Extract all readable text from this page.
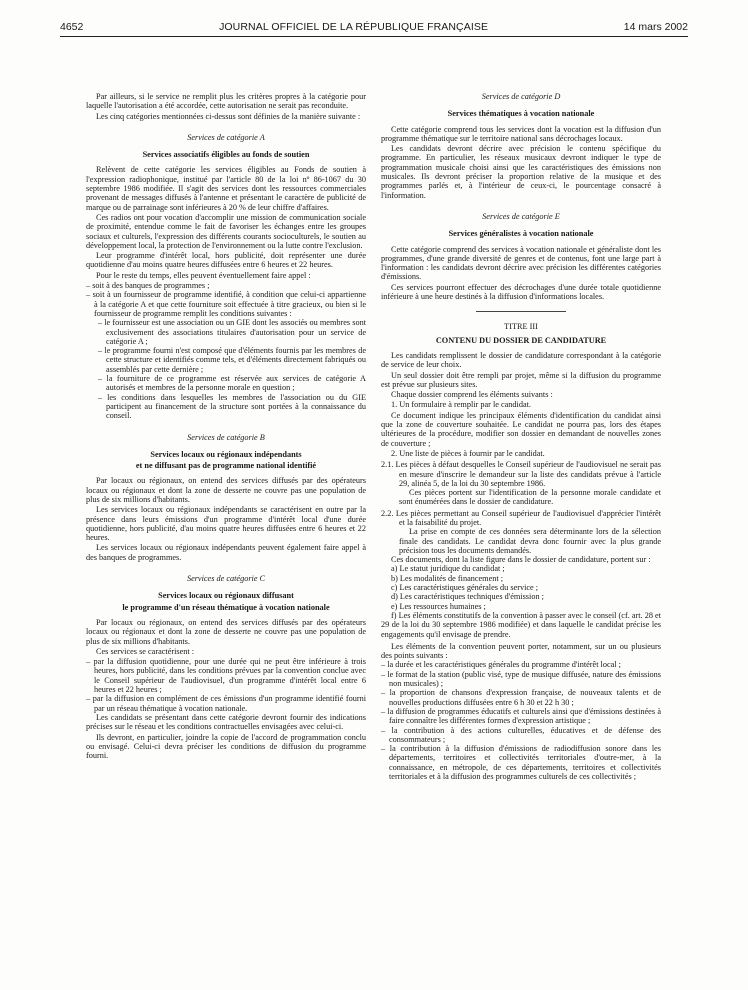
4652	JOURNAL OFFICIEL DE LA RÉPUBLIQUE FRANÇAISE	14 mars 2002

Par ailleurs, si le service ne remplit plus les critères propres à la catégorie pour laquelle l'autorisation a été accordée, cette autorisation ne serait pas reconduite.

Les cinq catégories mentionnées ci-dessus sont définies de la manière suivante :

Services de catégorie A

Services associatifs éligibles au fonds de soutien

Relèvent de cette catégorie les services éligibles au Fonds de soutien à l'expression radiophonique, institué par l'article 80 de la loi nº 86-1067 du 30 septembre 1986 modifiée. Il s'agit des services dont les ressources commerciales provenant de messages diffusés à l'antenne et présentant le caractère de publicité de marque ou de parrainage sont inférieures à 20 % de leur chiffre d'affaires.

Ces radios ont pour vocation d'accomplir une mission de communication sociale de proximité, entendue comme le fait de favoriser les échanges entre les groupes sociaux et culturels, l'expression des différents courants socioculturels, le soutien au développement local, la protection de l'environnement ou la lutte contre l'exclusion.

Leur programme d'intérêt local, hors publicité, doit représenter une durée quotidienne d'au moins quatre heures diffusées entre 6 heures et 22 heures.

Pour le reste du temps, elles peuvent éventuellement faire appel :

– soit à des banques de programmes ;

– soit à un fournisseur de programme identifié, à condition que celui-ci appartienne à la catégorie A et que cette fourniture soit effectuée à titre gracieux, ou bien si le fournisseur de programme remplit les conditions suivantes :

– le fournisseur est une association ou un GIE dont les associés ou membres sont exclusivement des associations titulaires d'autorisation pour un service de catégorie A ;

– le programme fourni n'est composé que d'éléments fournis par les membres de cette structure et identifiés comme tels, et d'éléments directement fabriqués ou assemblés par cette dernière ;

– la fourniture de ce programme est réservée aux services de catégorie A autorisés et membres de la personne morale en question ;

– les conditions dans lesquelles les membres de l'association ou du GIE participent au financement de la structure sont portées à la connaissance du conseil.

Services de catégorie B

Services locaux ou régionaux indépendants

et ne diffusant pas de programme national identifié

Par locaux ou régionaux, on entend des services diffusés par des opérateurs locaux ou régionaux et dont la zone de desserte ne couvre pas une population de plus de six millions d'habitants.

Les services locaux ou régionaux indépendants se caractérisent en outre par la présence dans leurs émissions d'un programme d'intérêt local d'une durée quotidienne, hors publicité, d'au moins quatre heures diffusées entre 6 heures et 22 heures.

Les services locaux ou régionaux indépendants peuvent également faire appel à des banques de programmes.

Services de catégorie C

Services locaux ou régionaux diffusant

le programme d'un réseau thématique à vocation nationale

Par locaux ou régionaux, on entend des services diffusés par des opérateurs locaux ou régionaux et dont la zone de desserte ne couvre pas une population de plus de six millions d'habitants.

Ces services se caractérisent :

– par la diffusion quotidienne, pour une durée qui ne peut être inférieure à trois heures, hors publicité, dans les conditions prévues par la convention conclue avec le Conseil supérieur de l'audiovisuel, d'un programme d'intérêt local entre 6 heures et 22 heures ;

– par la diffusion en complément de ces émissions d'un programme identifié fourni par un réseau thématique à vocation nationale.

Les candidats se présentant dans cette catégorie devront fournir des indications précises sur le réseau et les conditions contractuelles envisagées avec celui-ci.

Ils devront, en particulier, joindre la copie de l'accord de programmation conclu ou envisagé. Celui-ci devra préciser les conditions de diffusion du programme fourni.

Services de catégorie D

Services thématiques à vocation nationale

Cette catégorie comprend tous les services dont la vocation est la diffusion d'un programme thématique sur le territoire national sans décrochages locaux.

Les candidats devront décrire avec précision le contenu spécifique du programme. En particulier, les réseaux musicaux devront indiquer le type de programmation musicale choisi ainsi que les caractéristiques des émissions non musicales. Ils devront préciser la proportion relative de la musique et des programmes parlés et, à l'intérieur de ceux-ci, le pourcentage consacré à l'information.

Services de catégorie E

Services généralistes à vocation nationale

Cette catégorie comprend des services à vocation nationale et généraliste dont les programmes, d'une grande diversité de genres et de contenus, font une large part à l'information : les candidats devront décrire avec précision les différentes catégories d'émissions.

Ces services pourront effectuer des décrochages d'une durée totale quotidienne inférieure à une heure destinés à la diffusion d'informations locales.

TITRE III

CONTENU DU DOSSIER DE CANDIDATURE

Les candidats remplissent le dossier de candidature correspondant à la catégorie de service de leur choix.

Un seul dossier doit être rempli par projet, même si la diffusion du programme est prévue sur plusieurs sites.

Chaque dossier comprend les éléments suivants :

1. Un formulaire à remplir par le candidat.

Ce document indique les principaux éléments d'identification du candidat ainsi que la zone de couverture souhaitée. Le candidat ne pourra pas, lors des étapes ultérieures de la procédure, modifier son dossier en demandant de nouvelles zones de couverture ;

2. Une liste de pièces à fournir par le candidat.

2.1. Les pièces à défaut desquelles le Conseil supérieur de l'audiovisuel ne serait pas en mesure d'inscrire le demandeur sur la liste des candidats prévue à l'article 29, alinéa 5, de la loi du 30 septembre 1986.

Ces pièces portent sur l'identification de la personne morale candidate et sont énumérées dans le dossier de candidature.

2.2. Les pièces permettant au Conseil supérieur de l'audiovisuel d'apprécier l'intérêt et la faisabilité du projet.

La prise en compte de ces données sera déterminante lors de la sélection finale des candidats. Le candidat devra donc fournir avec la plus grande précision tous les documents demandés.

Ces documents, dont la liste figure dans le dossier de candidature, portent sur :

a) Le statut juridique du candidat ;

b) Les modalités de financement ;

c) Les caractéristiques générales du service ;

d) Les caractéristiques techniques d'émission ;

e) Les ressources humaines ;

f) Les éléments constitutifs de la convention à passer avec le conseil (cf. art. 28 et 29 de la loi du 30 septembre 1986 modifiée) et dans laquelle le candidat précise les engagements qu'il envisage de prendre.

Les éléments de la convention peuvent porter, notamment, sur un ou plusieurs des points suivants :

– la durée et les caractéristiques générales du programme d'intérêt local ;

– le format de la station (public visé, type de musique diffusée, nature des émissions non musicales) ;

– la proportion de chansons d'expression française, de nouveaux talents et de nouvelles productions diffusées entre 6 h 30 et 22 h 30 ;

– la diffusion de programmes éducatifs et culturels ainsi que d'émissions destinées à faire connaître les différentes formes d'expression artistique ;

– la contribution à des actions culturelles, éducatives et de défense des consommateurs ;

– la contribution à la diffusion d'émissions de radiodiffusion sonore dans les départements, territoires et collectivités territoriales d'outre-mer, à la connaissance, en métropole, de ces départements, territoires et collectivités territoriales et à la diffusion des programmes culturels de ces collectivités ;
